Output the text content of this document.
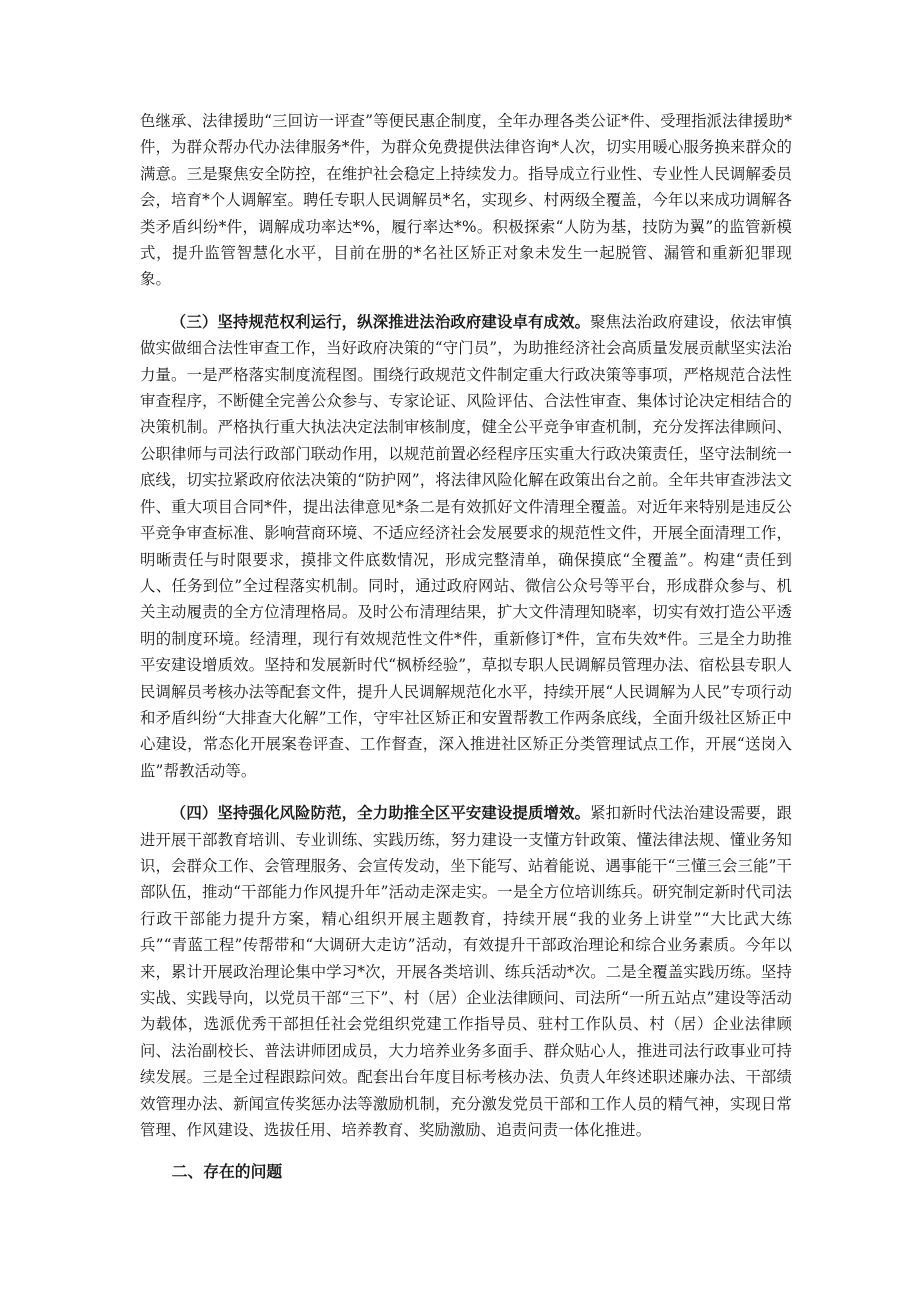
色继承、法律援助“三回访一评查”等便民惠企制度，全年办理各类公证*件、受理指派法律援助*件，为群众帮办代办法律服务*件，为群众免费提供法律咨询*人次，切实用暖心服务换来群众的满意。三是聚焦安全防控，在维护社会稳定上持续发力。指导成立行业性、专业性人民调解委员会，培育*个人调解室。聘任专职人民调解员*名，实现乡、村两级全覆盖，今年以来成功调解各类矛盾纠纷*件，调解成功率达*%，履行率达*%。积极探索“人防为基，技防为翼”的监管新模式，提升监管智慧化水平，目前在册的*名社区矫正对象未发生一起脱管、漏管和重新犯罪现象。

（三）坚持规范权利运行，纵深推进法治政府建设卓有成效。聚焦法治政府建设，依法审慎做实做细合法性审查工作，当好政府决策的“守门员”，为助推经济社会高质量发展贡献坚实法治力量。一是严格落实制度流程图。围绕行政规范文件制定重大行政决策等事项，严格规范合法性审查程序，不断健全完善公众参与、专家论证、风险评估、合法性审查、集体讨论决定相结合的决策机制。严格执行重大执法决定法制审核制度，健全公平竞争审查机制，充分发挥法律顾问、公职律师与司法行政部门联动作用，以规范前置必经程序压实重大行政决策责任，坚守法制统一底线，切实拉紧政府依法决策的“防护网”，将法律风险化解在政策出台之前。全年共审查涉法文件、重大项目合同*件，提出法律意见*条二是有效抓好文件清理全覆盖。对近年来特别是违反公平竞争审查标准、影响营商环境、不适应经济社会发展要求的规范性文件，开展全面清理工作，明晰责任与时限要求，摸排文件底数情况，形成完整清单，确保摸底“全覆盖”。构建“责任到人、任务到位”全过程落实机制。同时，通过政府网站、微信公众号等平台，形成群众参与、机关主动履责的全方位清理格局。及时公布清理结果，扩大文件清理知晓率，切实有效打造公平透明的制度环境。经清理，现行有效规范性文件*件，重新修订*件，宣布失效*件。三是全力助推平安建设增质效。坚持和发展新时代“枫桥经验”，草拟专职人民调解员管理办法、宿松县专职人民调解员考核办法等配套文件，提升人民调解规范化水平，持续开展“人民调解为人民”专项行动和矛盾纠纷“大排查大化解”工作，守牢社区矫正和安置帮教工作两条底线，全面升级社区矫正中心建设，常态化开展案卷评查、工作督查，深入推进社区矫正分类管理试点工作，开展“送岗入监”帮教活动等。

（四）坚持强化风险防范，全力助推全区平安建设提质增效。紧扣新时代法治建设需要，跟进开展干部教育培训、专业训练、实践历练，努力建设一支懂方针政策、懂法律法规、懂业务知识，会群众工作、会管理服务、会宣传发动，坐下能写、站着能说、遇事能干“三懂三会三能”干部队伍，推动“干部能力作风提升年”活动走深走实。一是全方位培训练兵。研究制定新时代司法行政干部能力提升方案，精心组织开展主题教育，持续开展“我的业务上讲堂”“大比武大练兵”“青蓝工程”传帮带和“大调研大走访”活动，有效提升干部政治理论和综合业务素质。今年以来，累计开展政治理论集中学习*次，开展各类培训、练兵活动*次。二是全覆盖实践历练。坚持实战、实践导向，以党员干部“三下”、村（居）企业法律顾问、司法所“一所五站点”建设等活动为载体，选派优秀干部担任社会党组织党建工作指导员、驻村工作队员、村（居）企业法律顾问、法治副校长、普法讲师团成员，大力培养业务多面手、群众贴心人，推进司法行政事业可持续发展。三是全过程跟踪问效。配套出台年度目标考核办法、负责人年终述职述廉办法、干部绩效管理办法、新闻宣传奖惩办法等激励机制，充分激发党员干部和工作人员的精气神，实现日常管理、作风建设、选拔任用、培养教育、奖励激励、追责问责一体化推进。

二、存在的问题
